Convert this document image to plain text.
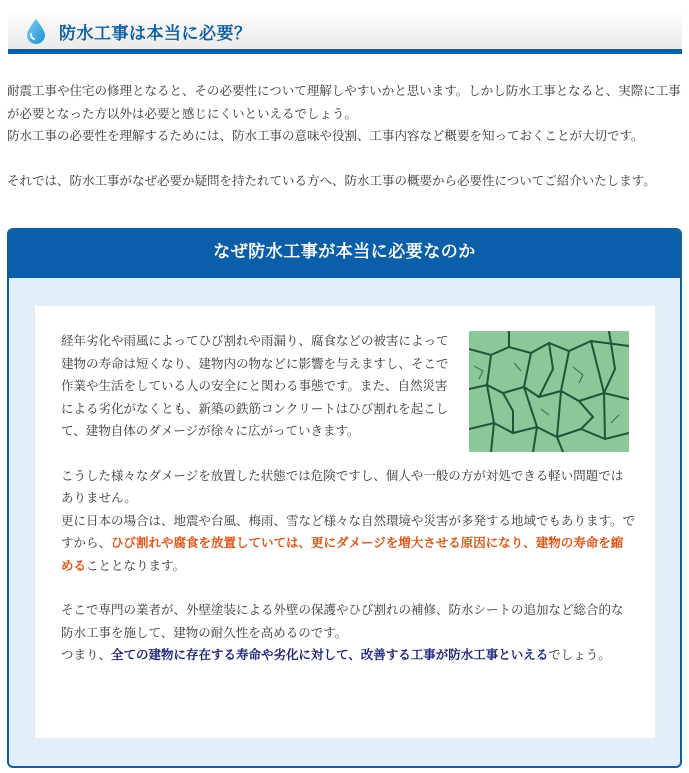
防水工事は本当に必要？

耐震工事や住宅の修理となると、その必要性について理解しやすいかと思います。しかし防水工事となると、実際に工事が必要となった方以外は必要と感じにくいといえるでしょう。

防水工事の必要性を理解するためには、防水工事の意味や役割、工事内容など概要を知っておくことが大切です。

それでは、防水工事がなぜ必要か疑問を持たれている方へ、防水工事の概要から必要性についてご紹介いたします。

なぜ防水工事が本当に必要なのか

経年劣化や雨風によってひび割れや雨漏り、腐食などの被害によって建物の寿命は短くなり、建物内の物などに影響を与えますし、そこで作業や生活をしている人の安全にと関わる事態です。また、自然災害による劣化がなくとも、新築の鉄筋コンクリートはひび割れを起こして、建物自体のダメージが徐々に広がっていきます。

こうした様々なダメージを放置した状態では危険ですし、個人や一般の方が対処できる軽い問題ではありません。

更に日本の場合は、地震や台風、梅雨、雪など様々な自然環境や災害が多発する地域でもあります。ですから、ひび割れや腐食を放置していては、更にダメージを増大させる原因になり、建物の寿命を縮めることとなります。

そこで専門の業者が、外壁塗装による外壁の保護やひび割れの補修、防水シートの追加など総合的な防水工事を施して、建物の耐久性を高めるのです。

つまり、全ての建物に存在する寿命や劣化に対して、改善する工事が防水工事といえるでしょう。
